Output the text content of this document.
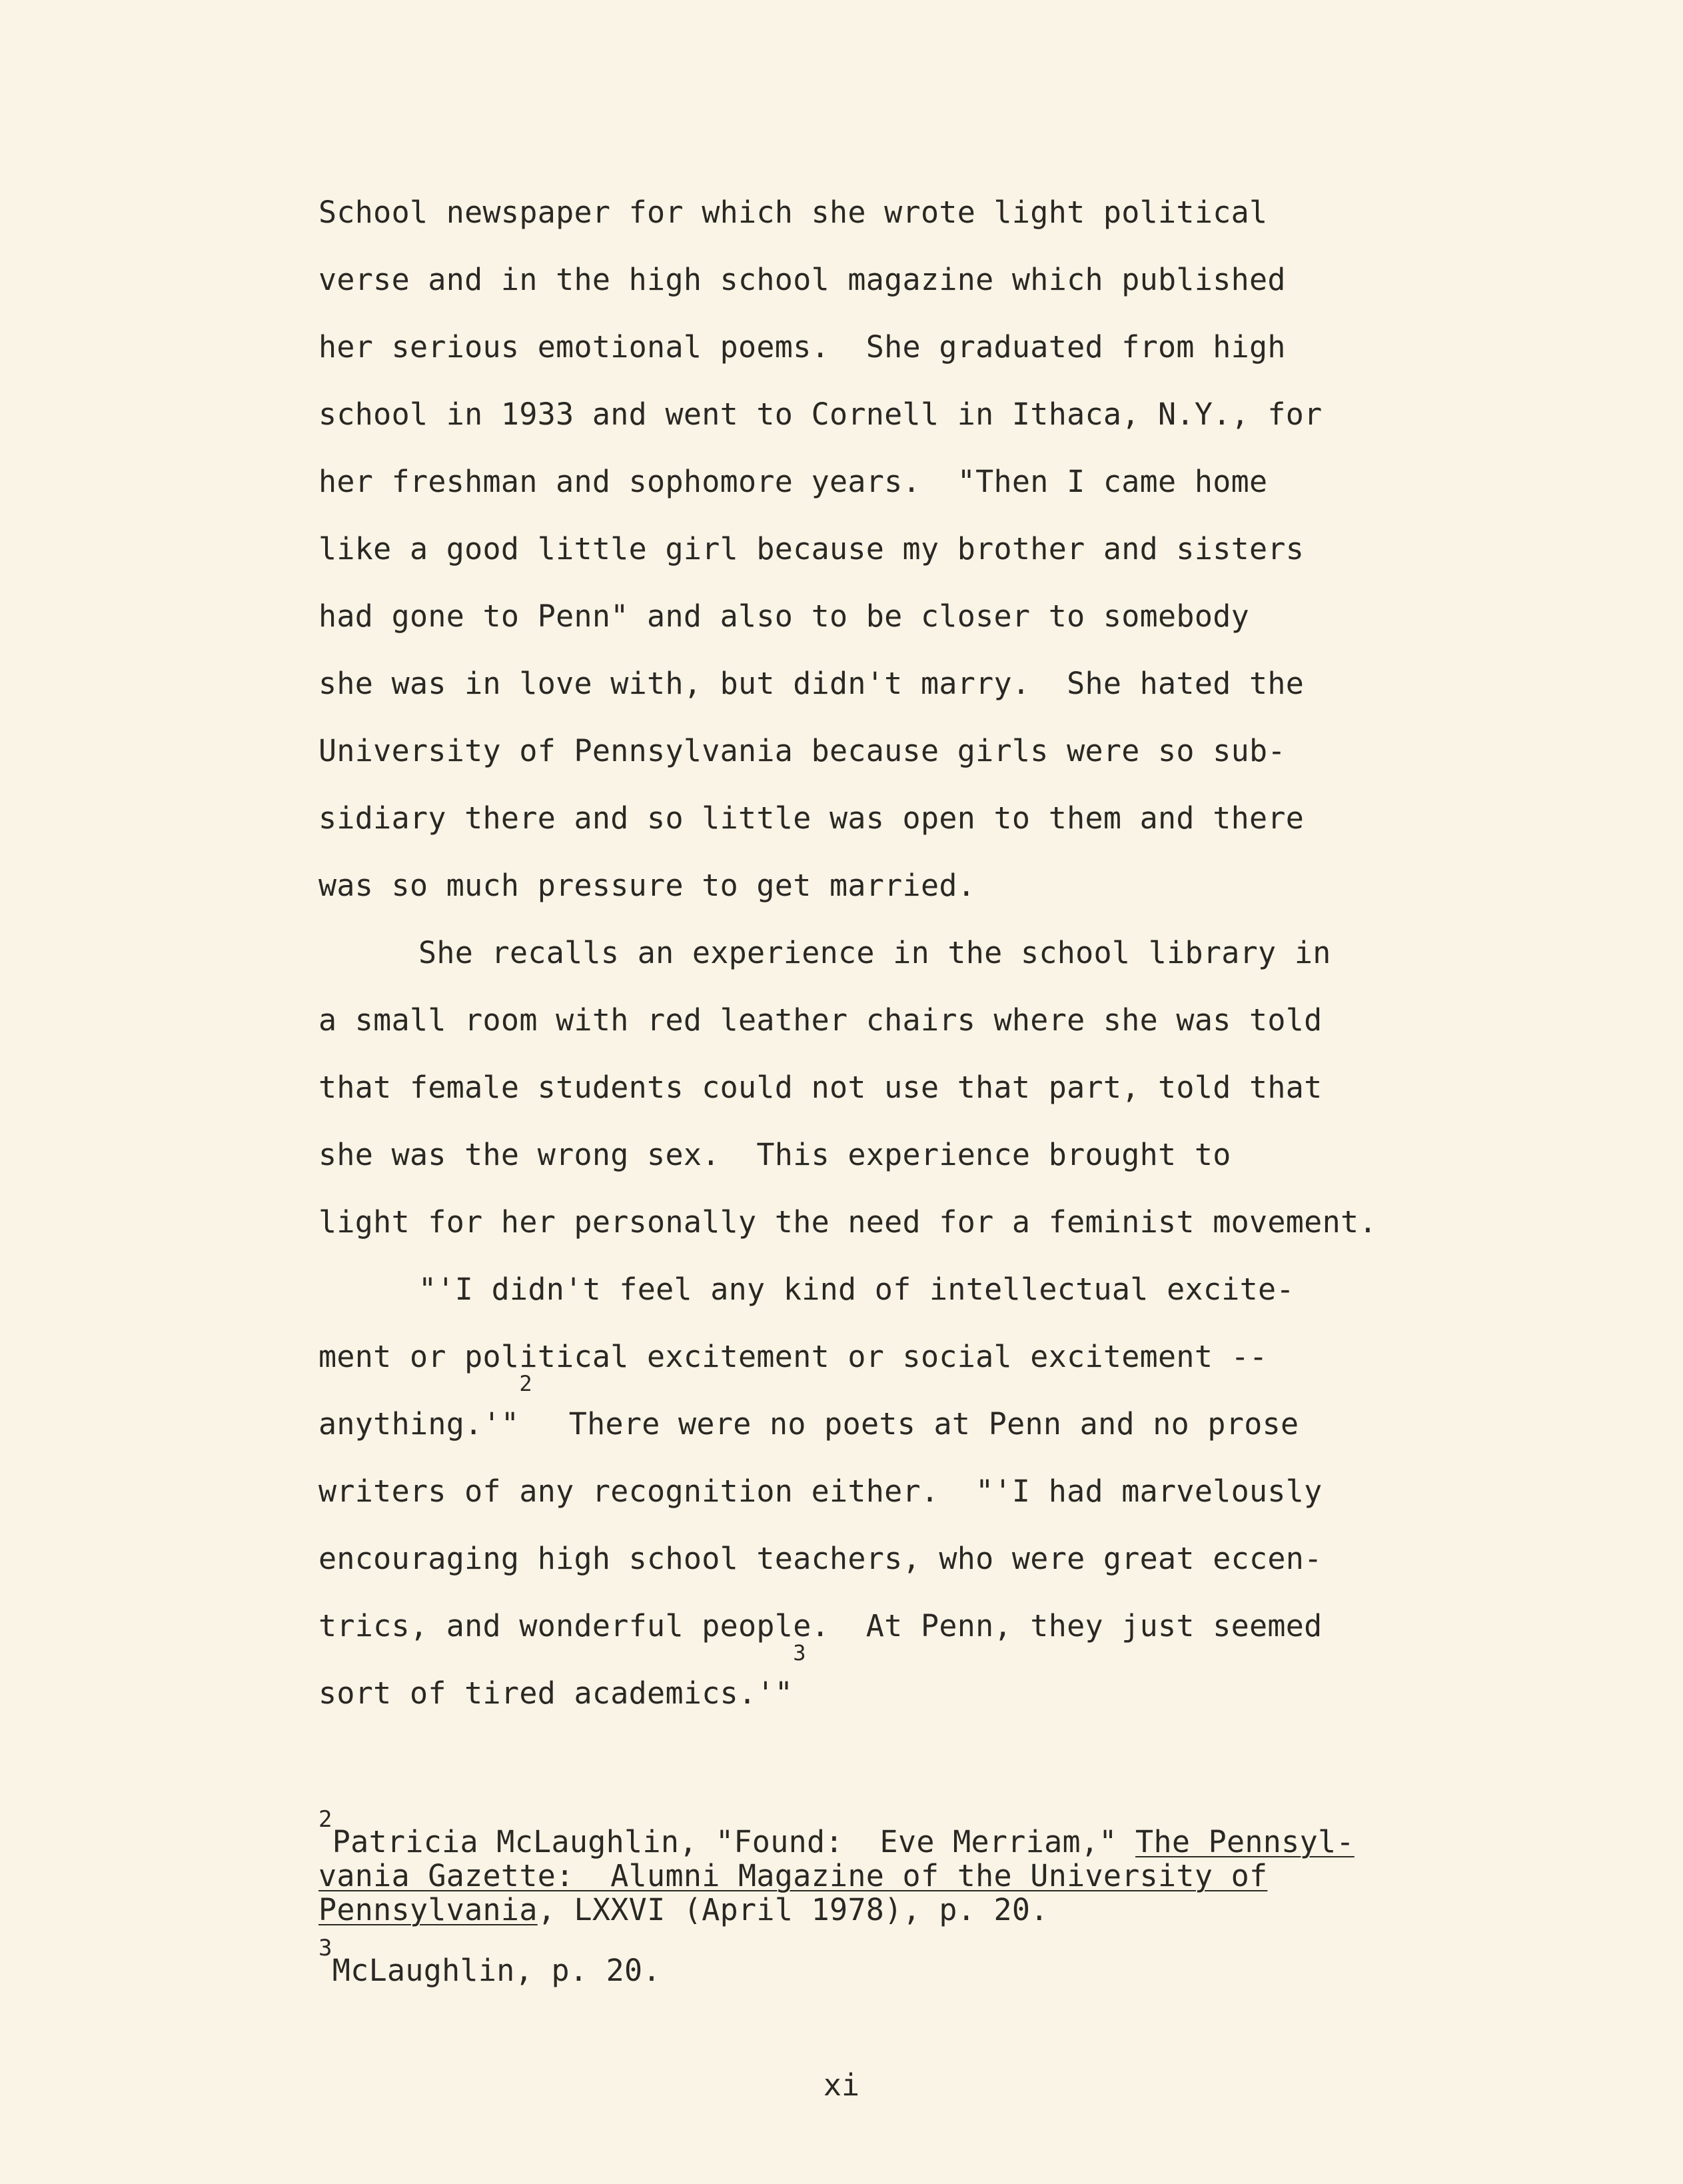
School newspaper for which she wrote light political
verse and in the high school magazine which published
her serious emotional poems.  She graduated from high
school in 1933 and went to Cornell in Ithaca, N.Y., for
her freshman and sophomore years.  "Then I came home
like a good little girl because my brother and sisters
had gone to Penn" and also to be closer to somebody
she was in love with, but didn't marry.  She hated the
University of Pennsylvania because girls were so sub-
sidiary there and so little was open to them and there
was so much pressure to get married.
She recalls an experience in the school library in
a small room with red leather chairs where she was told
that female students could not use that part, told that
she was the wrong sex.  This experience brought to
light for her personally the need for a feminist movement.
"'I didn't feel any kind of intellectual excite-
ment or political excitement or social excitement --
anything.'"$^2$  There were no poets at Penn and no prose
writers of any recognition either.  "'I had marvelously
encouraging high school teachers, who were great eccen-
trics, and wonderful people.  At Penn, they just seemed
sort of tired academics.'"$^3$
$^2$Patricia McLaughlin, "Found:  Eve Merriam," The Pennsyl-
vania Gazette:  Alumni Magazine of the University of
Pennsylvania, LXXVI (April 1978), p. 20.
$^3$McLaughlin, p. 20.
xi
